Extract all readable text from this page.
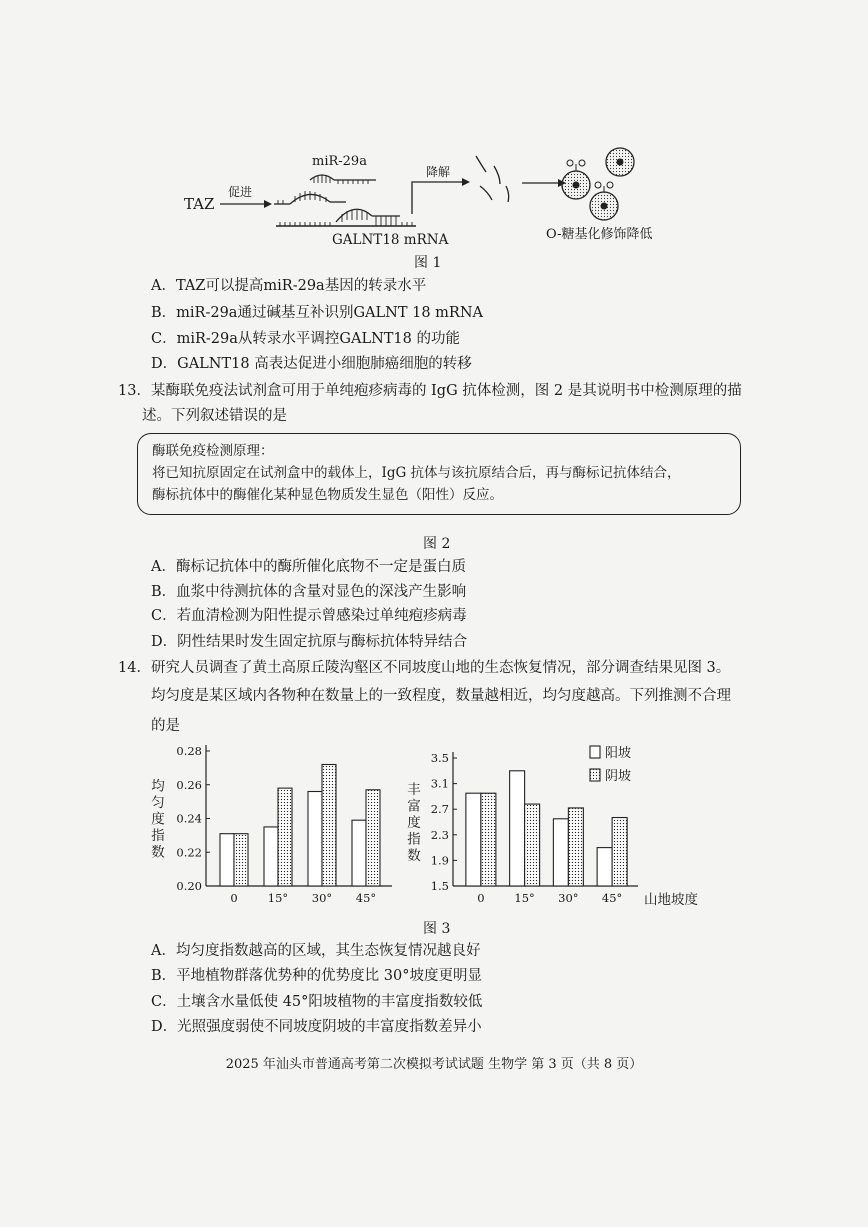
TAZ
促进
miR-29a
GALNT18 mRNA
降解
O-糖基化修饰降低
图 1
A．TAZ可以提高miR-29a基因的转录水平
B．miR-29a通过碱基互补识别GALNT 18 mRNA
C．miR-29a从转录水平调控GALNT18 的功能
D．GALNT18 高表达促进小细胞肺癌细胞的转移
13．某酶联免疫法试剂盒可用于单纯疱疹病毒的 IgG 抗体检测，图 2 是其说明书中检测原理的描
述。下列叙述错误的是
酶联免疫检测原理：
将已知抗原固定在试剂盒中的载体上，IgG 抗体与该抗原结合后，再与酶标记抗体结合，
酶标抗体中的酶催化某种显色物质发生显色（阳性）反应。
图 2
A．酶标记抗体中的酶所催化底物不一定是蛋白质
B．血浆中待测抗体的含量对显色的深浅产生影响
C．若血清检测为阳性提示曾感染过单纯疱疹病毒
D．阴性结果时发生固定抗原与酶标抗体特异结合
14．研究人员调查了黄土高原丘陵沟壑区不同坡度山地的生态恢复情况，部分调查结果见图 3。
均匀度是某区域内各物种在数量上的一致程度，数量越相近，均匀度越高。下列推测不合理
的是
0.20
0.22
0.24
0.26
0.28
均匀度指数
0	15° 30° 45°
1.5
1.9
2.3
2.7
3.1
3.5
丰富度指数
0	15° 30° 45° 山地坡度
阳坡
阴坡
图 3
A．均匀度指数越高的区域，其生态恢复情况越良好
B．平地植物群落优势种的优势度比 30°坡度更明显
C．土壤含水量低使 45°阳坡植物的丰富度指数较低
D．光照强度弱使不同坡度阴坡的丰富度指数差异小
2025 年汕头市普通高考第二次模拟考试试题 生物学 第 3 页（共 8 页）
